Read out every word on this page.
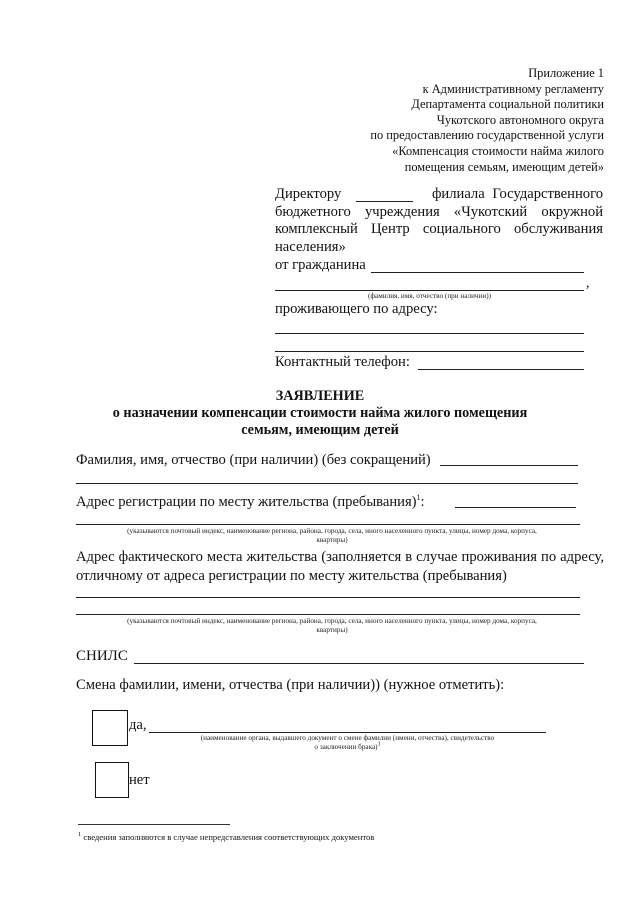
Приложение 1
к Административному регламенту
Департамента социальной политики
Чукотского автономного округа
по предоставлению государственной услуги
«Компенсация стоимости найма жилого
помещения семьям, имеющим детей»
Директору	филиала Государственного
бюджетного учреждения «Чукотский окружной
комплексный Центр социального обслуживания
населения»
от гражданина
,
(фамилия, имя, отчество (при наличии))
проживающего по адресу:
Контактный телефон:
ЗАЯВЛЕНИЕ
о назначении компенсации стоимости найма жилого помещения
семьям, имеющим детей
Фамилия, имя, отчество (при наличии) (без сокращений)
Адрес регистрации по месту жительства (пребывания)$^1$:
(указываются почтовый индекс, наименование региона, района, города, села, иного населенного пункта, улицы, номер дома, корпуса,
квартиры)
Адрес фактического места жительства (заполняется в случае проживания по адресу, отличному от адреса регистрации по месту жительства (пребывания)
(указываются почтовый индекс, наименование региона, района, города, села, иного населенного пункта, улицы, номер дома, корпуса,
квартиры)
СНИЛС
Смена фамилии, имени, отчества (при наличии)) (нужное отметить):
да,
(наименование органа, выдавшего документ о смене фамилии (имени, отчества), свидетельство
о заключении брака)$^1$
нет
$^1$ сведения заполняются в случае непредставления соответствующих документов
